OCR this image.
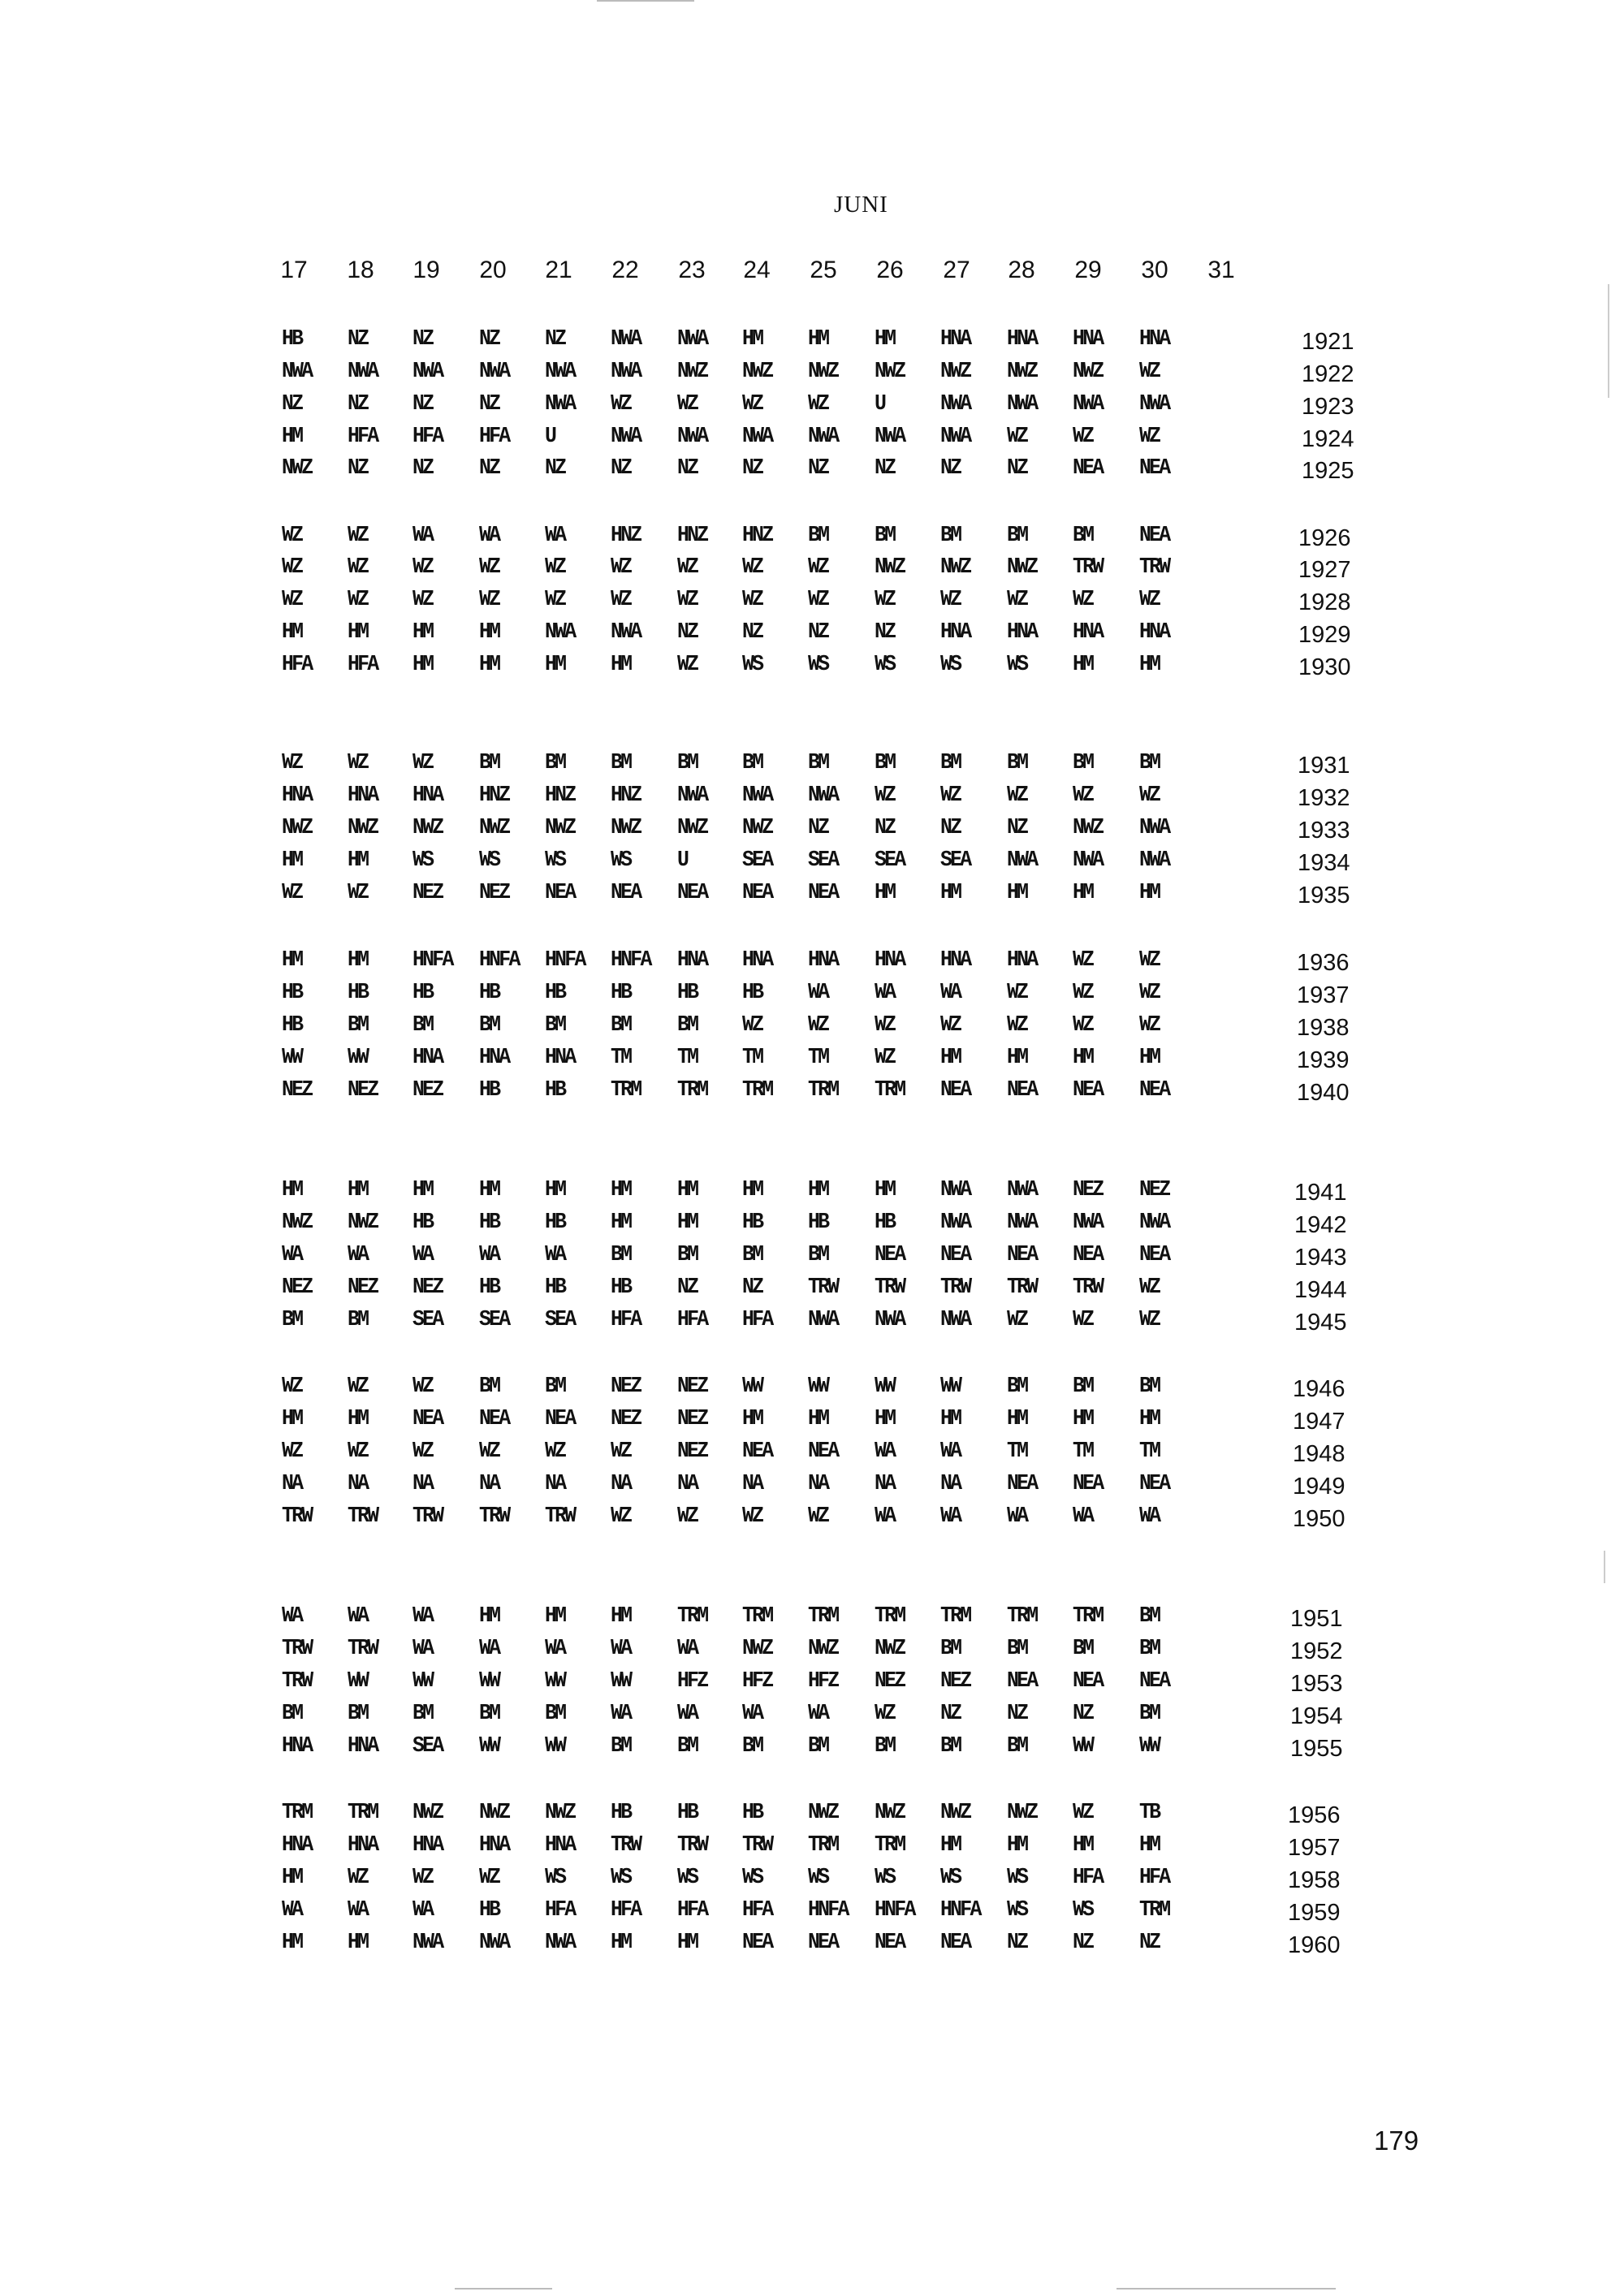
JUNI
17	18	19	20	21	22	23	24	25	26	27	28	29	30	31
HB NZ NZ NZ NZ NWA NWA HM HM HM HNA HNA HNA HNA	1921
NWA NWA NWA NWA NWA NWA NWZ NWZ NWZ NWZ NWZ NWZ NWZ WZ	1922
NZ NZ NZ NZ NWA WZ WZ WZ WZ U	NWA NWA NWA NWA	1923
HM HFA HFA HFA U	NWA NWA NWA NWA NWA NWA WZ WZ WZ	1924
NWZ NZ NZ NZ NZ NZ NZ NZ NZ NZ NZ NZ NEA NEA	1925
WZ WZ WA WA WA HNZ HNZ HNZ BM BM BM BM BM NEA	1926
WZ WZ WZ WZ WZ WZ WZ WZ WZ NWZ NWZ NWZ TRW TRW	1927
WZ WZ WZ WZ WZ WZ WZ WZ WZ WZ WZ WZ WZ WZ	1928
HM HM HM HM NWA NWA NZ NZ NZ NZ HNA HNA HNA HNA	1929
HFA HFA HM HM HM HM WZ WS WS WS WS WS HM HM	1930
WZ WZ WZ BM BM BM BM BM BM BM BM BM BM BM	1931
HNA HNA HNA HNZ HNZ HNZ NWA NWA NWA WZ WZ WZ WZ WZ	1932
NWZ NWZ NWZ NWZ NWZ NWZ NWZ NWZ NZ NZ NZ NZ NWZ NWA	1933
HM HM WS WS WS WS U	SEA SEA SEA SEA NWA NWA NWA	1934
WZ WZ NEZ NEZ NEA NEA NEA NEA NEA HM HM HM HM HM	1935
HM HM HNFA HNFA HNFA HNFA HNA HNA HNA HNA HNA HNA WZ WZ	1936
HB HB HB HB HB HB HB HB WA WA WA WZ WZ WZ	1937
HB BM BM BM BM BM BM WZ WZ WZ WZ WZ WZ WZ	1938
WW WW HNA HNA HNA TM TM TM TM WZ HM HM HM HM	1939
NEZ NEZ NEZ HB HB TRM TRM TRM TRM TRM NEA NEA NEA NEA	1940
HM HM HM HM HM HM HM HM HM HM NWA NWA NEZ NEZ	1941
NWZ NWZ HB HB HB HM HM HB HB HB NWA NWA NWA NWA	1942
WA WA WA WA WA BM BM BM BM NEA NEA NEA NEA NEA	1943
NEZ NEZ NEZ HB HB HB NZ NZ TRW TRW TRW TRW TRW WZ	1944
BM BM SEA SEA SEA HFA HFA HFA NWA NWA NWA WZ WZ WZ	1945
WZ WZ WZ BM BM NEZ NEZ WW WW WW WW BM BM BM	1946
HM HM NEA NEA NEA NEZ NEZ HM HM HM HM HM HM HM	1947
WZ WZ WZ WZ WZ WZ NEZ NEA NEA WA WA TM TM TM	1948
NA NA NA NA NA NA NA NA NA NA NA NEA NEA NEA	1949
TRW TRW TRW TRW TRW WZ WZ WZ WZ WA WA WA WA WA	1950
WA WA WA HM HM HM TRM TRM TRM TRM TRM TRM TRM BM	1951
TRW TRW WA WA WA WA WA NWZ NWZ NWZ BM BM BM BM	1952
TRW WW WW WW WW WW HFZ HFZ HFZ NEZ NEZ NEA NEA NEA	1953
BM BM BM BM BM WA WA WA WA WZ NZ NZ NZ BM	1954
HNA HNA SEA WW WW BM BM BM BM BM BM BM WW WW	1955
TRM TRM NWZ NWZ NWZ HB HB HB NWZ NWZ NWZ NWZ WZ TB	1956
HNA HNA HNA HNA HNA TRW TRW TRW TRM TRM HM HM HM HM	1957
HM WZ WZ WZ WS WS WS WS WS WS WS WS HFA HFA	1958
WA WA WA HB HFA HFA HFA HFA HNFA HNFA HNFA WS WS TRM	1959
HM HM NWA NWA NWA HM HM NEA NEA NEA NEA NZ NZ NZ	1960
179
